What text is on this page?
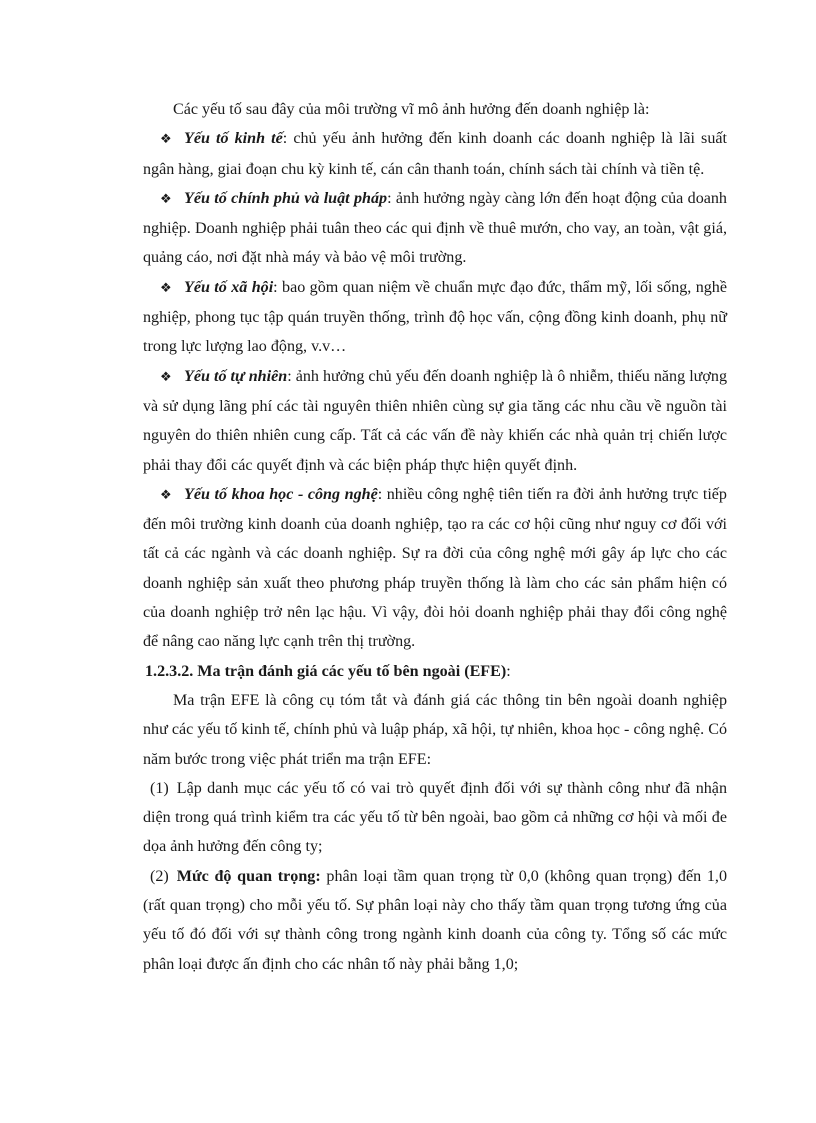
Các yếu tố sau đây của môi trường vĩ mô ảnh hưởng đến doanh nghiệp là:

❖ Yếu tố kinh tế: chủ yếu ảnh hưởng đến kinh doanh các doanh nghiệp là lãi suất ngân hàng, giai đoạn chu kỳ kinh tế, cán cân thanh toán, chính sách tài chính và tiền tệ.

❖ Yếu tố chính phủ và luật pháp: ảnh hưởng ngày càng lớn đến hoạt động của doanh nghiệp. Doanh nghiệp phải tuân theo các qui định về thuê mướn, cho vay, an toàn, vật giá, quảng cáo, nơi đặt nhà máy và bảo vệ môi trường.

❖ Yếu tố xã hội: bao gồm quan niệm về chuẩn mực đạo đức, thẩm mỹ, lối sống, nghề nghiệp, phong tục tập quán truyền thống, trình độ học vấn, cộng đồng kinh doanh, phụ nữ trong lực lượng lao động, v.v…

❖ Yếu tố tự nhiên: ảnh hưởng chủ yếu đến doanh nghiệp là ô nhiễm, thiếu năng lượng và sử dụng lãng phí các tài nguyên thiên nhiên cùng sự gia tăng các nhu cầu về nguồn tài nguyên do thiên nhiên cung cấp. Tất cả các vấn đề này khiến các nhà quản trị chiến lược phải thay đổi các quyết định và các biện pháp thực hiện quyết định.

❖ Yếu tố khoa học - công nghệ: nhiều công nghệ tiên tiến ra đời ảnh hưởng trực tiếp đến môi trường kinh doanh của doanh nghiệp, tạo ra các cơ hội cũng như nguy cơ đối với tất cả các ngành và các doanh nghiệp. Sự ra đời của công nghệ mới gây áp lực cho các doanh nghiệp sản xuất theo phương pháp truyền thống là làm cho các sản phẩm hiện có của doanh nghiệp trở nên lạc hậu. Vì vậy, đòi hỏi doanh nghiệp phải thay đổi công nghệ để nâng cao năng lực cạnh trên thị trường.

1.2.3.2. Ma trận đánh giá các yếu tố bên ngoài (EFE):

Ma trận EFE là công cụ tóm tắt và đánh giá các thông tin bên ngoài doanh nghiệp như các yếu tố kinh tế, chính phủ và luập pháp, xã hội, tự nhiên, khoa học - công nghệ. Có năm bước trong việc phát triển ma trận EFE:

(1) Lập danh mục các yếu tố có vai trò quyết định đối với sự thành công như đã nhận diện trong quá trình kiểm tra các yếu tố từ bên ngoài, bao gồm cả những cơ hội và mối đe dọa ảnh hưởng đến công ty;

(2) Mức độ quan trọng: phân loại tầm quan trọng từ 0,0 (không quan trọng) đến 1,0 (rất quan trọng) cho mỗi yếu tố. Sự phân loại này cho thấy tầm quan trọng tương ứng của yếu tố đó đối với sự thành công trong ngành kinh doanh của công ty. Tổng số các mức phân loại được ấn định cho các nhân tố này phải bằng 1,0;
